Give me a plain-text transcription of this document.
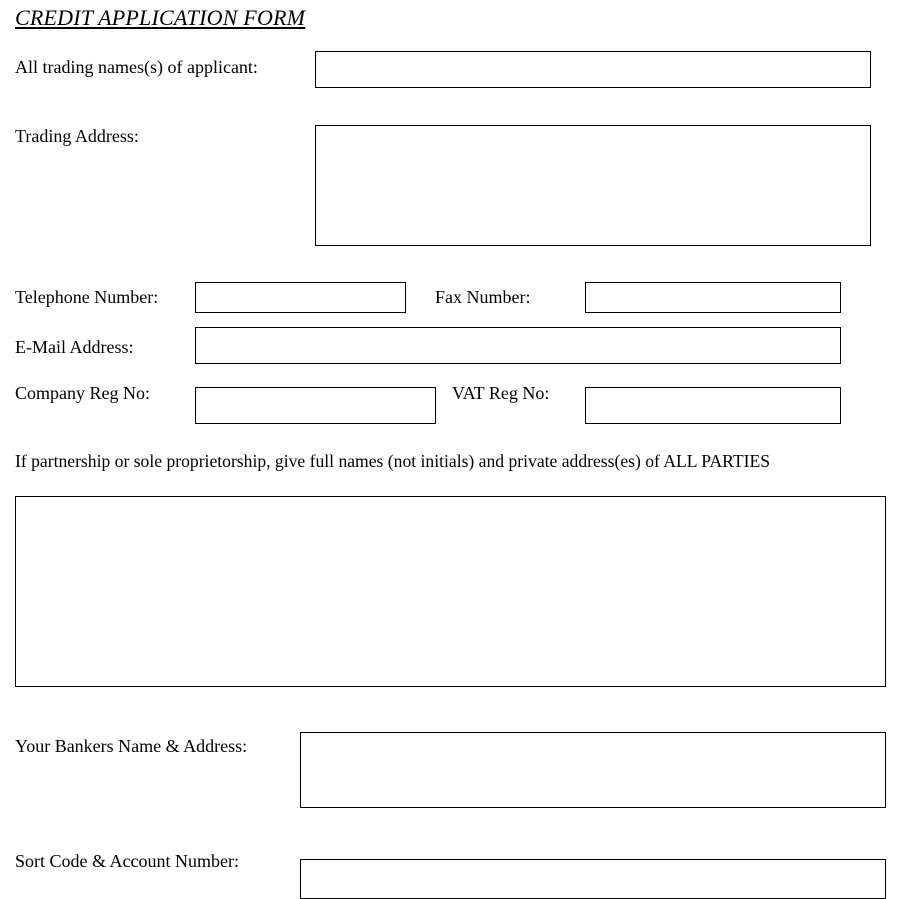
CREDIT APPLICATION FORM
All trading names(s) of applicant:
Trading Address:
Telephone Number:	Fax Number:
E-Mail Address:
Company Reg No:	VAT Reg No:
If partnership or sole proprietorship, give full names (not initials) and private address(es) of ALL PARTIES
Your Bankers Name & Address:
Sort Code & Account Number:
